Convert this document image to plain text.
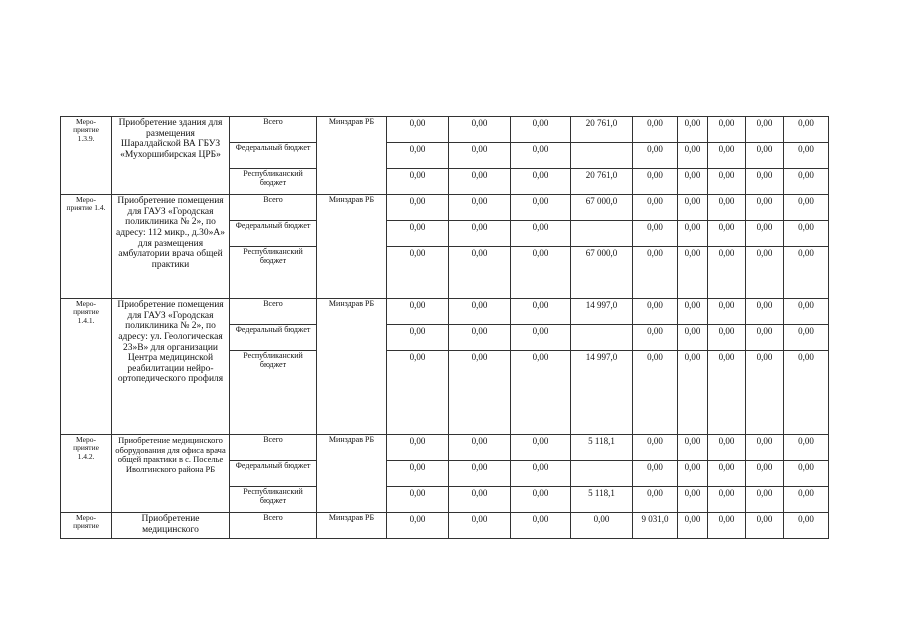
Меро-приятие 1.3.9.	Приобретение здания для размещения Шаралдайской ВА ГБУЗ «Мухоршибирская ЦРБ»	Всего	Минздрав РБ	0,00	0,00	0,00	20 761,0	0,00	0,00	0,00	0,00	0,00
		Федеральный бюджет		0,00	0,00	0,00		0,00	0,00	0,00	0,00	0,00
		Республиканский бюджет		0,00	0,00	0,00	20 761,0	0,00	0,00	0,00	0,00	0,00

Меро-приятие 1.4.	Приобретение помещения для ГАУЗ «Городская поликлиника № 2», по адресу: 112 микр., д.30»А» для размещения амбулатории врача общей практики	Всего	Минздрав РБ	0,00	0,00	0,00	67 000,0	0,00	0,00	0,00	0,00	0,00
		Федеральный бюджет		0,00	0,00	0,00		0,00	0,00	0,00	0,00	0,00
		Республиканский бюджет		0,00	0,00	0,00	67 000,0	0,00	0,00	0,00	0,00	0,00

Меро-приятие 1.4.1.	Приобретение помещения для ГАУЗ «Городская поликлиника № 2», по адресу: ул. Геологическая 23»В» для организации Центра медицинской реабилитации нейро-ортопедического профиля	Всего	Минздрав РБ	0,00	0,00	0,00	14 997,0	0,00	0,00	0,00	0,00	0,00
		Федеральный бюджет		0,00	0,00	0,00		0,00	0,00	0,00	0,00	0,00
		Республиканский бюджет		0,00	0,00	0,00	14 997,0	0,00	0,00	0,00	0,00	0,00

Меро-приятие 1.4.2.	Приобретение медицинского оборудования для офиса врача общей практики в с. Поселье Иволгинского района РБ	Всего	Минздрав РБ	0,00	0,00	0,00	5 118,1	0,00	0,00	0,00	0,00	0,00
		Федеральный бюджет		0,00	0,00	0,00		0,00	0,00	0,00	0,00	0,00
		Республиканский бюджет		0,00	0,00	0,00	5 118,1	0,00	0,00	0,00	0,00	0,00

Меро-приятие	Приобретение медицинского	Всего	Минздрав РБ	0,00	0,00	0,00	0,00	9 031,0	0,00	0,00	0,00	0,00
